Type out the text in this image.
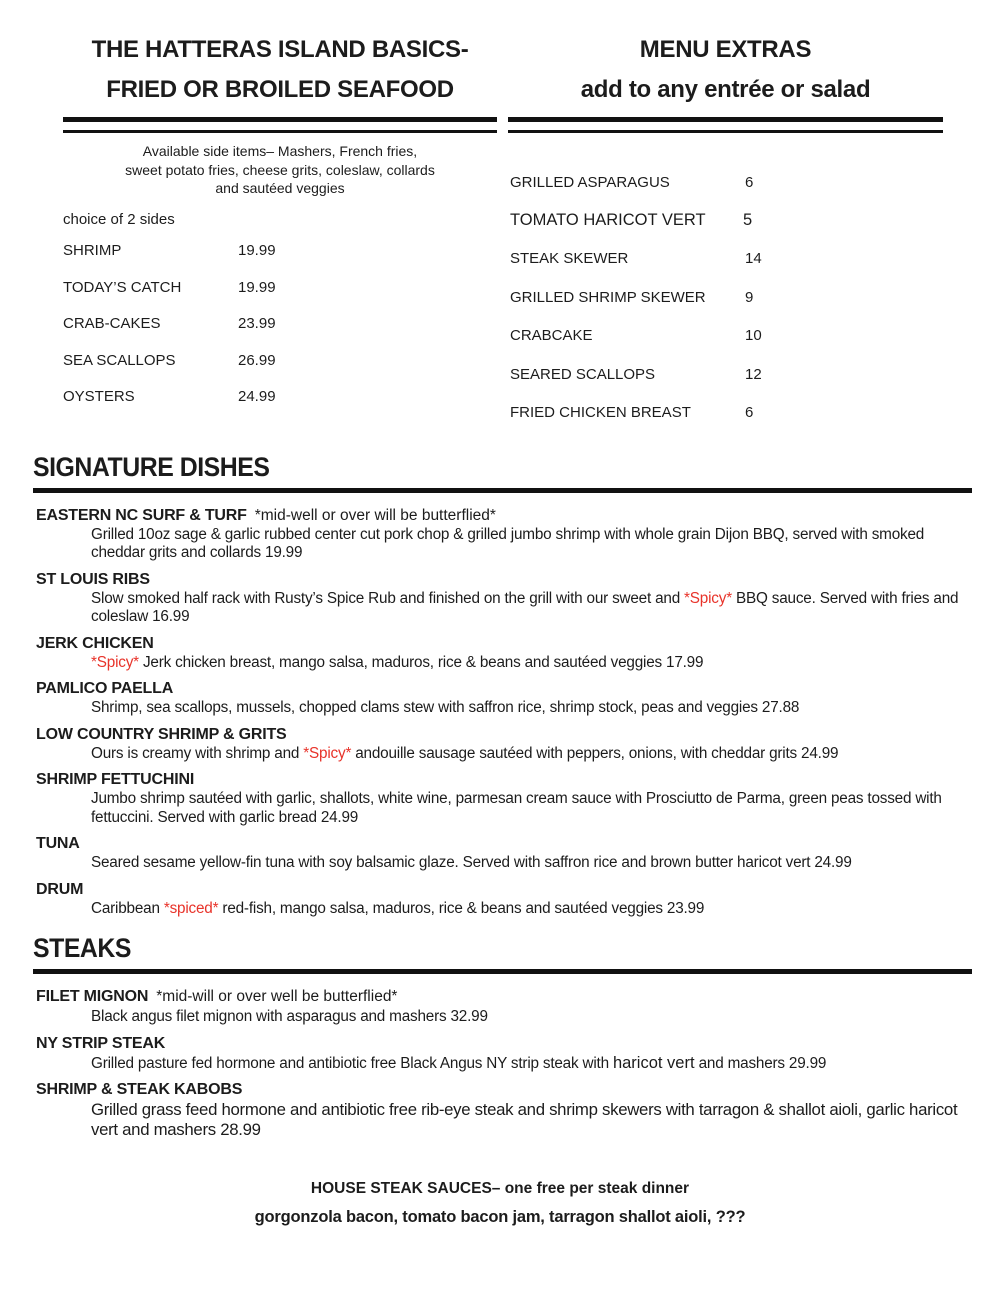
THE HATTERAS ISLAND BASICS-
FRIED OR BROILED SEAFOOD
Available side items– Mashers, French fries,
sweet potato fries, cheese grits, coleslaw, collards
and sautéed veggies
choice of 2 sides
SHRIMP	19.99
TODAY’S CATCH	19.99
CRAB-CAKES	23.99
SEA SCALLOPS	26.99
OYSTERS	24.99
MENU EXTRAS
add to any entrée or salad
GRILLED ASPARAGUS	6
TOMATO HARICOT VERT	5
STEAK SKEWER	14
GRILLED SHRIMP SKEWER	9
CRABCAKE	10
SEARED SCALLOPS	12
FRIED CHICKEN BREAST	6
SIGNATURE DISHES
EASTERN NC SURF & TURF *mid-well or over will be butterflied*
Grilled 10oz sage & garlic rubbed center cut pork chop & grilled jumbo shrimp with whole grain Dijon BBQ, served with smoked cheddar grits and collards 19.99
ST LOUIS RIBS
Slow smoked half rack with Rusty’s Spice Rub and finished on the grill with our sweet and *Spicy* BBQ sauce. Served with fries and coleslaw 16.99
JERK CHICKEN
*Spicy* Jerk chicken breast, mango salsa, maduros, rice & beans and sautéed veggies 17.99
PAMLICO PAELLA
Shrimp, sea scallops, mussels, chopped clams stew with saffron rice, shrimp stock, peas and veggies 27.88
LOW COUNTRY SHRIMP & GRITS
Ours is creamy with shrimp and *Spicy* andouille sausage sautéed with peppers, onions, with cheddar grits 24.99
SHRIMP FETTUCHINI
Jumbo shrimp sautéed with garlic, shallots, white wine, parmesan cream sauce with Prosciutto de Parma, green peas tossed with fettuccini. Served with garlic bread 24.99
TUNA
Seared sesame yellow-fin tuna with soy balsamic glaze. Served with saffron rice and brown butter haricot vert 24.99
DRUM
Caribbean *spiced* red-fish, mango salsa, maduros, rice & beans and sautéed veggies 23.99
STEAKS
FILET MIGNON *mid-will or over well be butterflied*
Black angus filet mignon with asparagus and mashers 32.99
NY STRIP STEAK
Grilled pasture fed hormone and antibiotic free Black Angus NY strip steak with haricot vert and mashers 29.99
SHRIMP & STEAK KABOBS
Grilled grass feed hormone and antibiotic free rib-eye steak and shrimp skewers with tarragon & shallot aioli, garlic haricot vert and mashers 28.99
HOUSE STEAK SAUCES– one free per steak dinner
gorgonzola bacon, tomato bacon jam, tarragon shallot aioli, ???
